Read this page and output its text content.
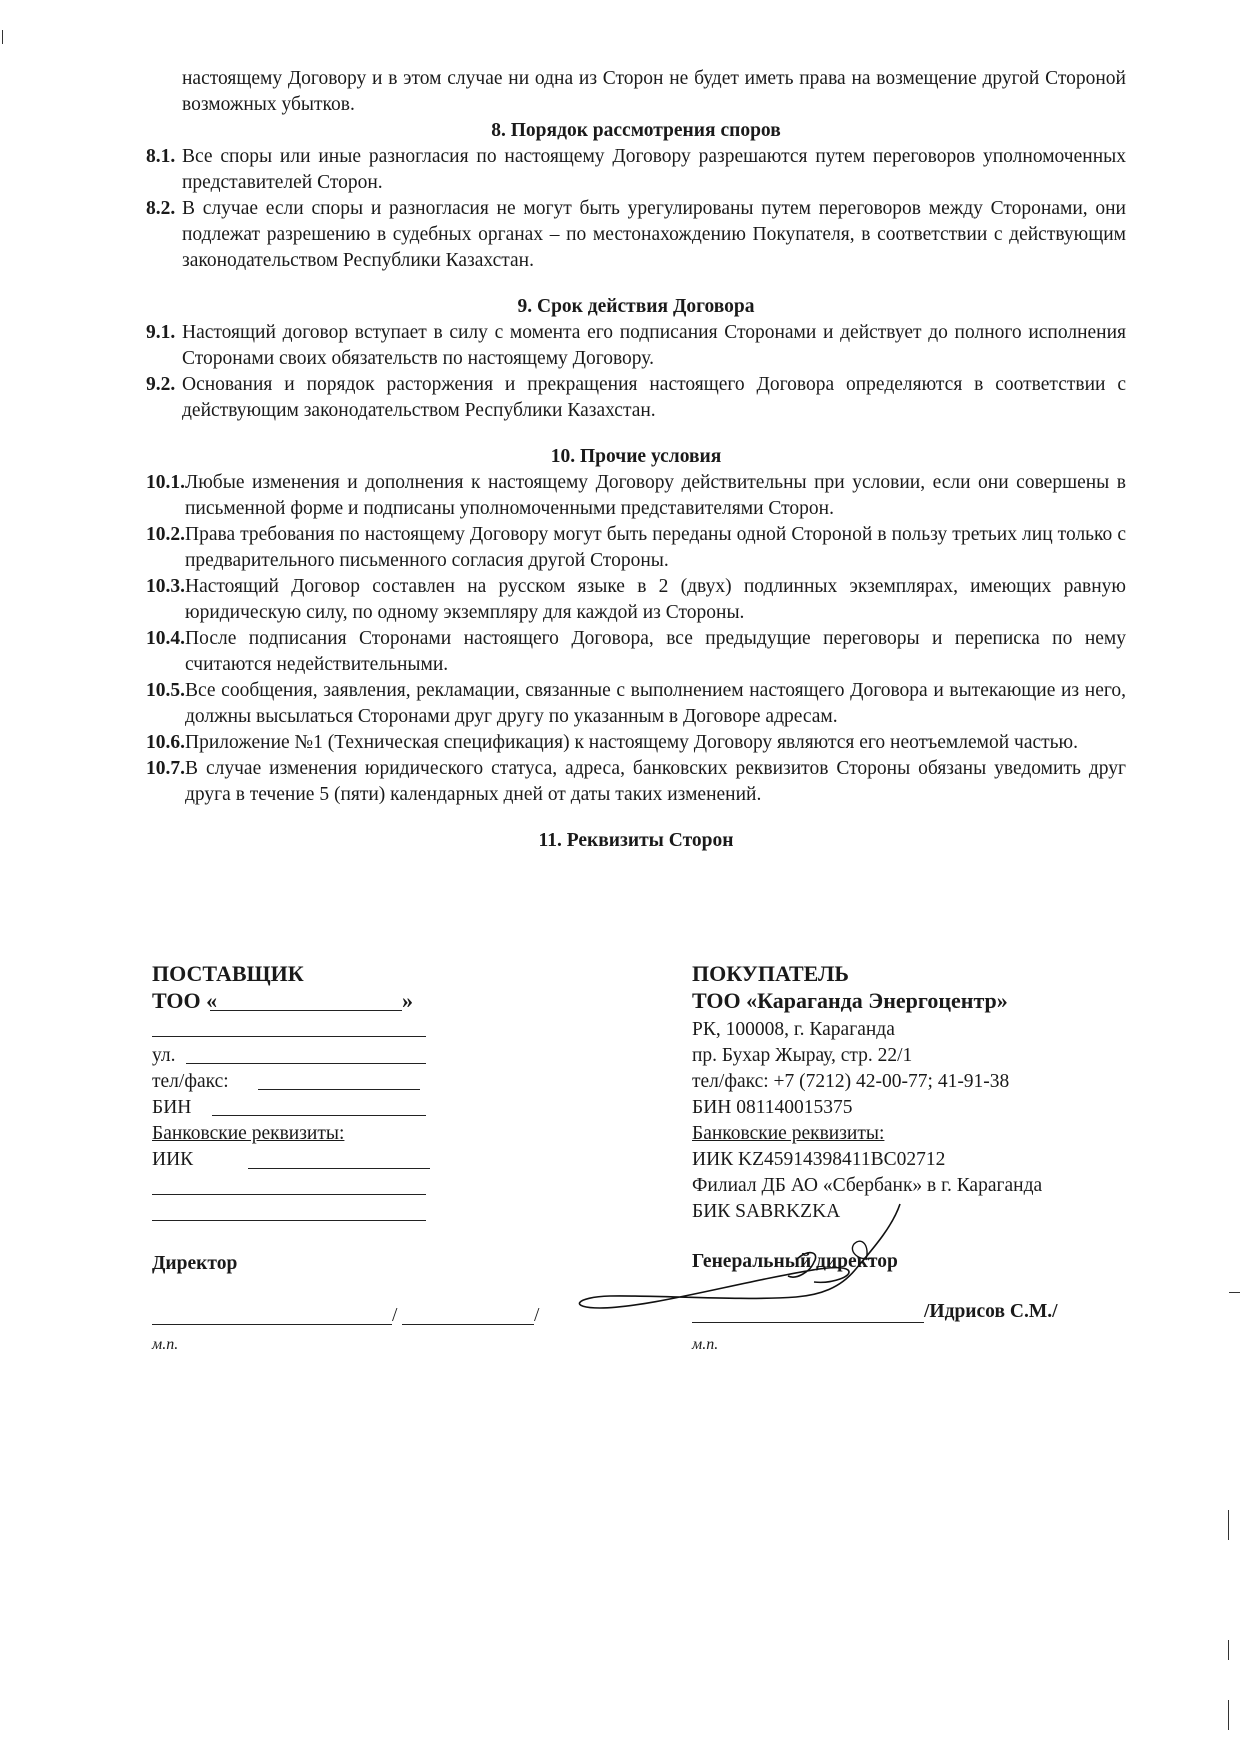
настоящему Договору и в этом случае ни одна из Сторон не будет иметь права на возмещение другой Стороной возможных убытков.
8. Порядок рассмотрения споров
8.1. Все споры или иные разногласия по настоящему Договору разрешаются путем переговоров уполномоченных представителей Сторон.
8.2. В случае если споры и разногласия не могут быть урегулированы путем переговоров между Сторонами, они подлежат разрешению в судебных органах – по местонахождению Покупателя, в соответствии с действующим законодательством Республики Казахстан.
9. Срок действия Договора
9.1. Настоящий договор вступает в силу с момента его подписания Сторонами и действует до полного исполнения Сторонами своих обязательств по настоящему Договору.
9.2. Основания и порядок расторжения и прекращения настоящего Договора определяются в соответствии с действующим законодательством Республики Казахстан.
10. Прочие условия
10.1. Любые изменения и дополнения к настоящему Договору действительны при условии, если они совершены в письменной форме и подписаны уполномоченными представителями Сторон.
10.2. Права требования по настоящему Договору могут быть переданы одной Стороной в пользу третьих лиц только с предварительного письменного согласия другой Стороны.
10.3. Настоящий Договор составлен на русском языке в 2 (двух) подлинных экземплярах, имеющих равную юридическую силу, по одному экземпляру для каждой из Стороны.
10.4. После подписания Сторонами настоящего Договора, все предыдущие переговоры и переписка по нему считаются недействительными.
10.5. Все сообщения, заявления, рекламации, связанные с выполнением настоящего Договора и вытекающие из него, должны высылаться Сторонами друг другу по указанным в Договоре адресам.
10.6. Приложение №1 (Техническая спецификация) к настоящему Договору являются его неотъемлемой частью.
10.7. В случае изменения юридического статуса, адреса, банковских реквизитов Стороны обязаны уведомить друг друга в течение 5 (пяти) календарных дней от даты таких изменений.
11. Реквизиты Сторон
ПОСТАВЩИК
ТОО «	»
ул.
тел/факс:
БИН
Банковские реквизиты:
ИИК
Директор
/	/
м.п.
ПОКУПАТЕЛЬ
ТОО «Караганда Энергоцентр»
РК, 100008, г. Караганда
пр. Бухар Жырау, стр. 22/1
тел/факс: +7 (7212) 42-00-77; 41-91-38
БИН 081140015375
Банковские реквизиты:
ИИК KZ45914398411BC02712
Филиал ДБ АО «Сбербанк» в г. Караганда
БИК SABRKZKA
Генеральный директор
/Идрисов С.М./
м.п.
